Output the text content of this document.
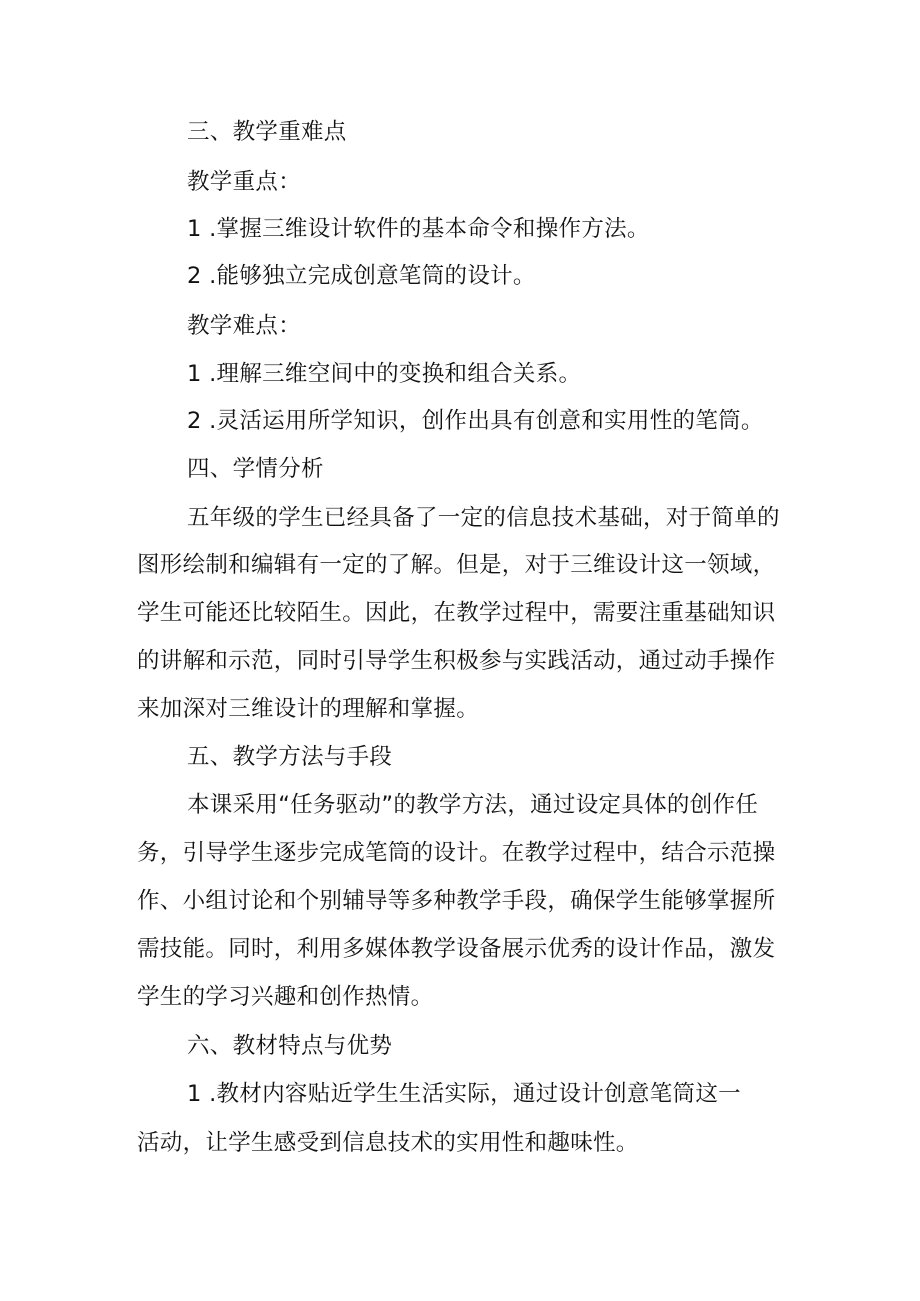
三、教学重难点
教学重点：
1 .掌握三维设计软件的基本命令和操作方法。
2 .能够独立完成创意笔筒的设计。
教学难点：
1 .理解三维空间中的变换和组合关系。
2 .灵活运用所学知识，创作出具有创意和实用性的笔筒。
四、学情分析
五年级的学生已经具备了一定的信息技术基础，对于简单的
图形绘制和编辑有一定的了解。但是，对于三维设计这一领域，
学生可能还比较陌生。因此，在教学过程中，需要注重基础知识
的讲解和示范，同时引导学生积极参与实践活动，通过动手操作
来加深对三维设计的理解和掌握。
五、教学方法与手段
本课采用“任务驱动”的教学方法，通过设定具体的创作任
务，引导学生逐步完成笔筒的设计。在教学过程中，结合示范操
作、小组讨论和个别辅导等多种教学手段，确保学生能够掌握所
需技能。同时，利用多媒体教学设备展示优秀的设计作品，激发
学生的学习兴趣和创作热情。
六、教材特点与优势
1 .教材内容贴近学生生活实际，通过设计创意笔筒这一
活动，让学生感受到信息技术的实用性和趣味性。
